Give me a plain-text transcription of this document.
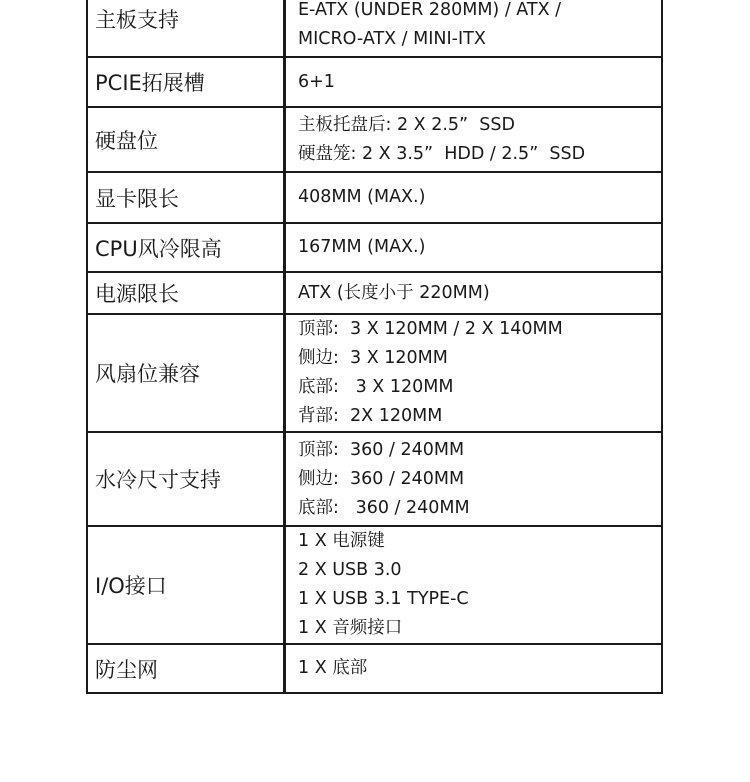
主板支持	E-ATX (UNDER 280MM) / ATX /
MICRO-ATX / MINI-ITX

PCIE拓展槽	6+1

硬盘位	主板托盘后: 2 X 2.5”  SSD
硬盘笼: 2 X 3.5”  HDD / 2.5”  SSD

显卡限长	408MM (MAX.)

CPU风冷限高	167MM (MAX.)

电源限长	ATX (长度小于 220MM)

风扇位兼容	顶部:  3 X 120MM / 2 X 140MM
侧边:  3 X 120MM
底部:   3 X 120MM
背部:  2X 120MM

水冷尺寸支持	顶部:  360 / 240MM
侧边:  360 / 240MM
底部:   360 / 240MM

I/O接口	1 X 电源键
2 X USB 3.0
1 X USB 3.1 TYPE-C
1 X 音频接口

防尘网	1 X 底部
